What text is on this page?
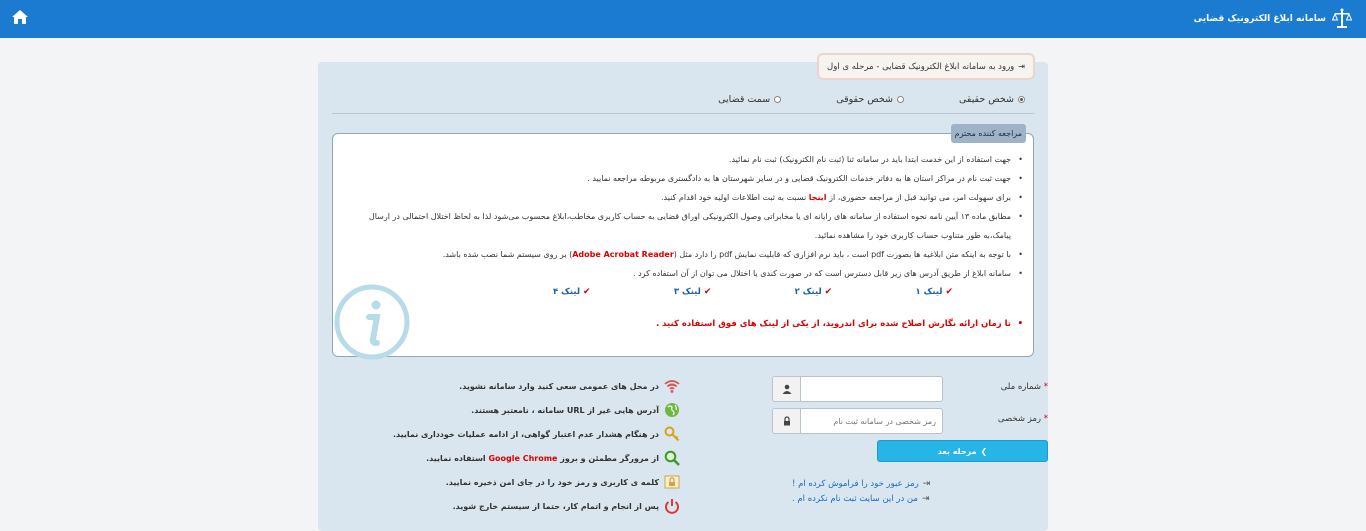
سامانه ابلاغ الکترونیک قضایی
⇥
ورود به سامانه ابلاغ الکترونیک قضایی - مرحله ی اول
شخص حقیقی
شخص حقوقی
سمت قضایی
مراجعه کننده محترم
• جهت استفاده از این خدمت ابتدا باید در سامانه ثنا (ثبت نام الکترونیک) ثبت نام نمائید.
• جهت ثبت نام در مراکز استان ها به دفاتر خدمات الکترونیک قضایی و در سایر شهرستان ها به دادگستری مربوطه مراجعه نمایید .
• برای سهولت امر، می توانید قبل از مراجعه حضوری، از اینجا نسبت به ثبت اطلاعات اولیه خود اقدام کنید.
• مطابق ماده ۱۳ آیین نامه نحوه استفاده از سامانه های رایانه ای یا مخابراتی وصول الکترونیکی اوراق قضایی به حساب کاربری مخاطب،ابلاغ محسوب می‌شود لذا به لحاظ اختلال احتمالی در ارسال پیامک،به طور متناوب حساب کاربری خود را مشاهده نمائید.
• با توجه به اینکه متن ابلاغیه ها بصورت pdf است ، باید نرم افزاری که قابلیت نمایش pdf را دارد مثل (Adobe Acrobat Reader) بر روی سیستم شما نصب شده باشد.
• سامانه ابلاغ از طریق آدرس های زیر قابل دسترس است که در صورت کندی یا اختلال می توان از آن استفاده کرد .
✔
لینک ۱
✔
لینک ۲
✔
لینک ۳
✔
لینک ۴
• تا زمان ارائه نگارش اصلاح شده برای اندروید، از یکی از لینک های فوق استفاده کنید .
* شماره ملی
* رمز شخصی
❯
مرحله بعد
⇥
رمز عبور خود را فراموش کرده ام !
⇥
من در این سایت ثبت نام نکرده ام .
در محل های عمومی سعی کنید وارد سامانه نشوید.
آدرس هایی غیر از URL سامانه ، نامعتبر هستند.
در هنگام هشدار عدم اعتبار گواهی، از ادامه عملیات خودداری نمایید.
از مرورگر مطمئن و بروز Google Chrome استفاده نمایید.
کلمه ی کاربری و رمز خود را در جای امن ذخیره نمایید.
پس از انجام و اتمام کار، حتما از سیستم خارج شوید.
